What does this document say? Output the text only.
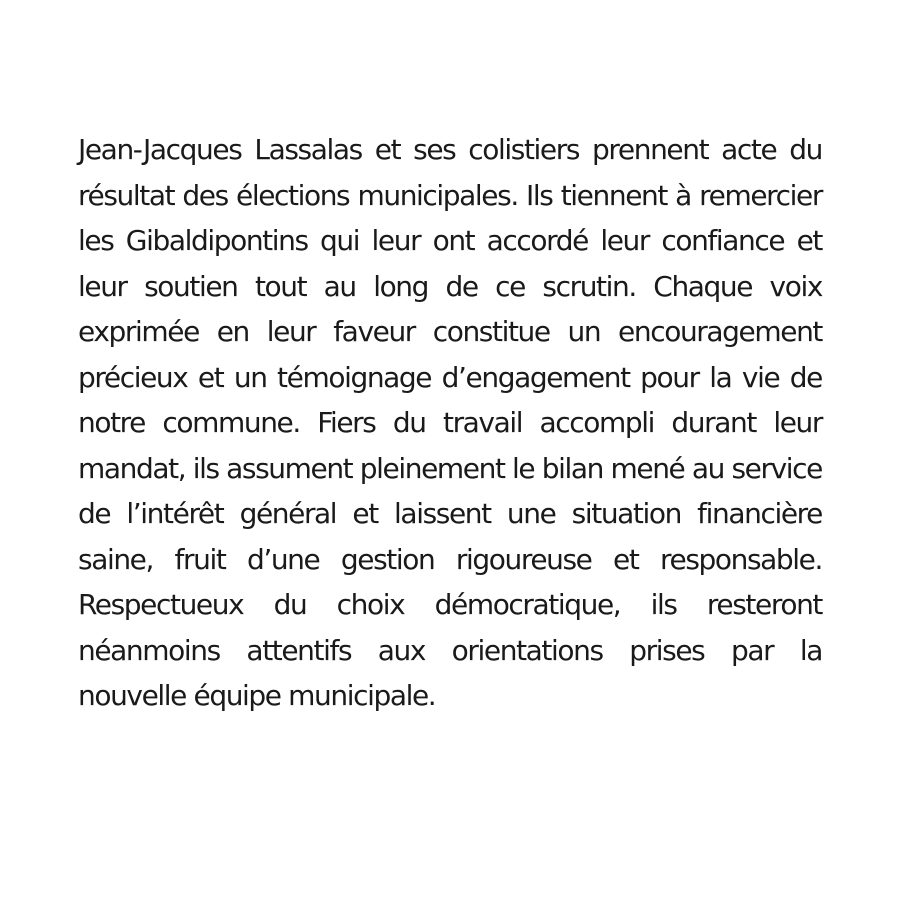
Jean-Jacques Lassalas et ses colistiers prennent acte du résultat des élections municipales. Ils tiennent à remercier les Gibaldipontins qui leur ont accordé leur confiance et leur soutien tout au long de ce scrutin. Chaque voix exprimée en leur faveur constitue un encouragement précieux et un témoignage d’engagement pour la vie de notre commune. Fiers du travail accompli durant leur mandat, ils assument pleinement le bilan mené au service de l’intérêt général et laissent une situation financière saine, fruit d’une gestion rigoureuse et responsable. Respectueux du choix démocratique, ils resteront néanmoins attentifs aux orientations prises par la nouvelle équipe municipale.
